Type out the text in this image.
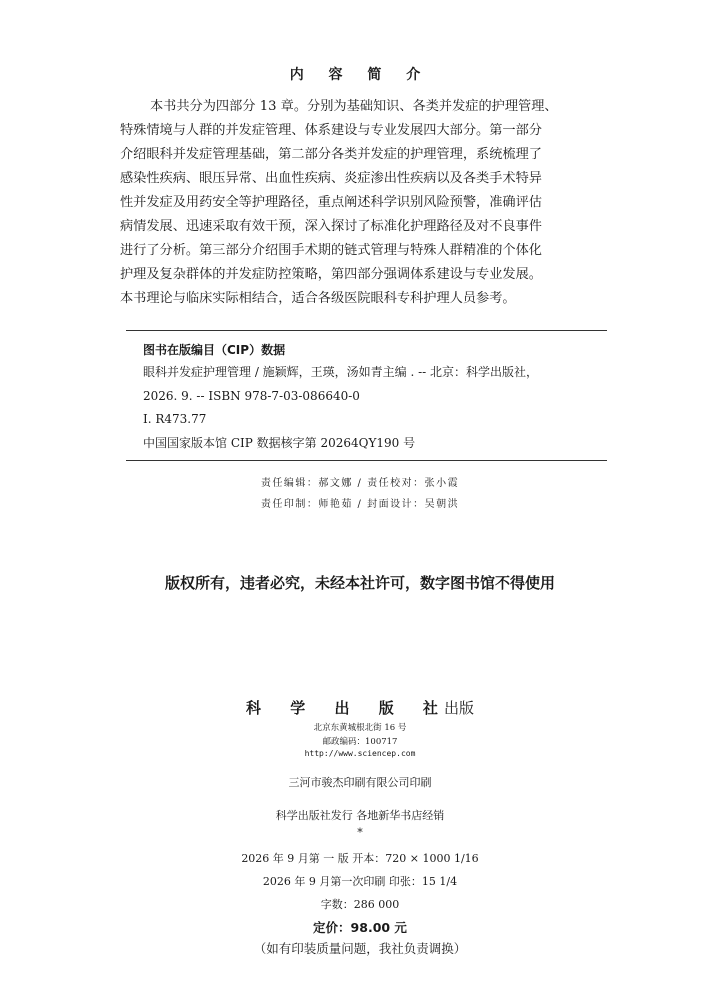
内 容 简 介
本书共分为四部分 13 章。分别为基础知识、各类并发症的护理管理、
特殊情境与人群的并发症管理、体系建设与专业发展四大部分。第一部分
介绍眼科并发症管理基础，第二部分各类并发症的护理管理，系统梳理了
感染性疾病、眼压异常、出血性疾病、炎症渗出性疾病以及各类手术特异
性并发症及用药安全等护理路径，重点阐述科学识别风险预警，准确评估
病情发展、迅速采取有效干预，深入探讨了标准化护理路径及对不良事件
进行了分析。第三部分介绍围手术期的链式管理与特殊人群精准的个体化
护理及复杂群体的并发症防控策略，第四部分强调体系建设与专业发展。
本书理论与临床实际相结合，适合各级医院眼科专科护理人员参考。
图书在版编目（CIP）数据
眼科并发症护理管理 / 施颖辉，王瑛，汤如青主编 . -- 北京：科学出版社，
2026. 9. -- ISBN 978-7-03-086640-0
Ⅰ. R473.77
中国国家版本馆 CIP 数据核字第 20264QY190 号
责任编辑：郝文娜 / 责任校对：张小霞
责任印制：师艳茹 / 封面设计：吴朝洪
版权所有，违者必究，未经本社许可，数字图书馆不得使用
科 学 出 版 社出版
北京东黄城根北街 16 号
邮政编码：100717
http://www.sciencep.com
三河市骏杰印刷有限公司印刷
科学出版社发行 各地新华书店经销
*
2026 年 9 月第 一 版 开本：720 × 1000 1/16
2026 年 9 月第一次印刷 印张：15 1/4
字数：286 000
定价：98.00 元
（如有印装质量问题，我社负责调换）
